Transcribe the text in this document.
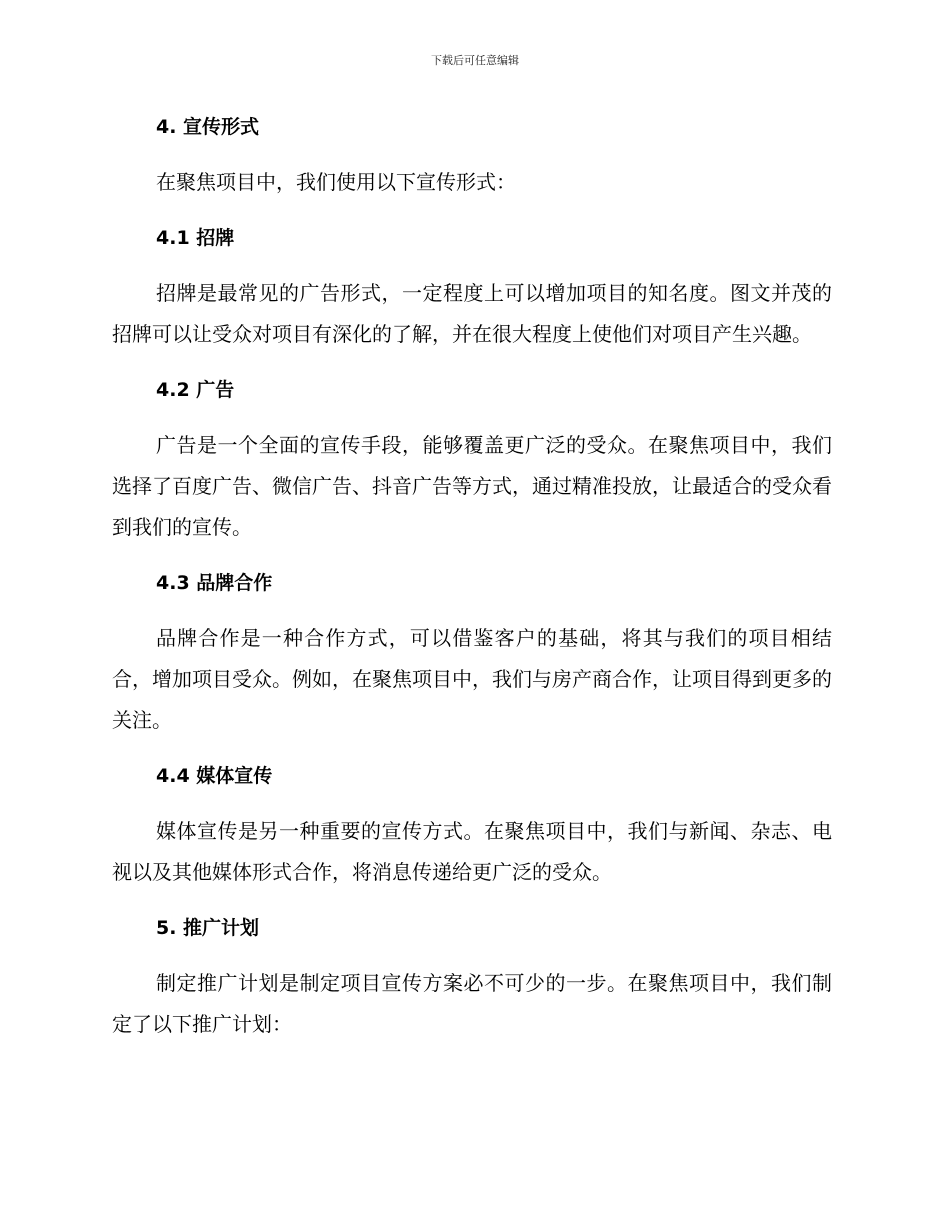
下载后可任意编辑
4. 宣传形式

在聚焦项目中，我们使用以下宣传形式：

4.1 招牌

招牌是最常见的广告形式，一定程度上可以增加项目的知名度。图文并茂的招牌可以让受众对项目有深化的了解，并在很大程度上使他们对项目产生兴趣。

4.2 广告

广告是一个全面的宣传手段，能够覆盖更广泛的受众。在聚焦项目中，我们选择了百度广告、微信广告、抖音广告等方式，通过精准投放，让最适合的受众看到我们的宣传。

4.3 品牌合作

品牌合作是一种合作方式，可以借鉴客户的基础，将其与我们的项目相结合，增加项目受众。例如，在聚焦项目中，我们与房产商合作，让项目得到更多的关注。

4.4 媒体宣传

媒体宣传是另一种重要的宣传方式。在聚焦项目中，我们与新闻、杂志、电视以及其他媒体形式合作，将消息传递给更广泛的受众。

5. 推广计划

制定推广计划是制定项目宣传方案必不可少的一步。在聚焦项目中，我们制定了以下推广计划：
